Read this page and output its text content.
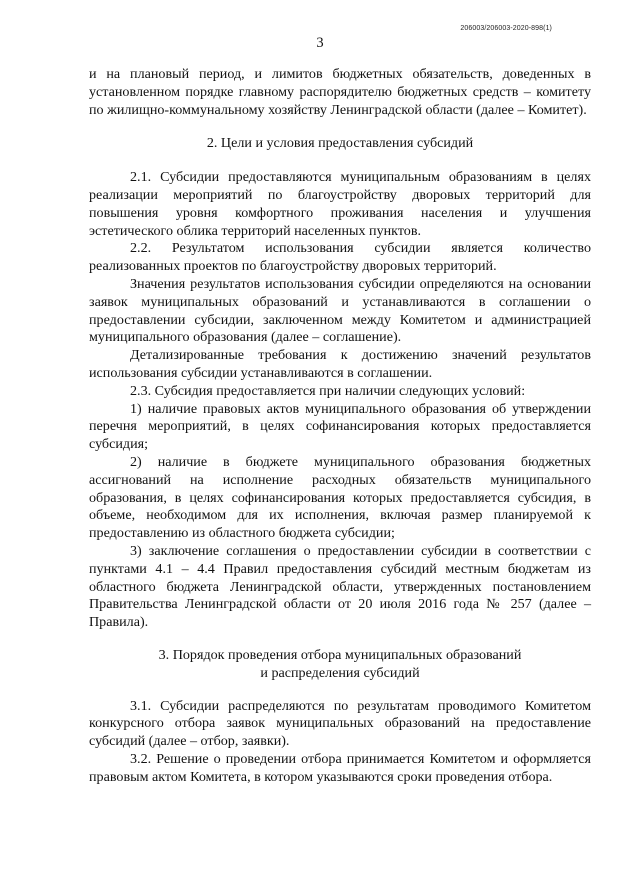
206003/206003-2020-898(1)
3

и на плановый период, и лимитов бюджетных обязательств, доведенных в установленном порядке главному распорядителю бюджетных средств – комитету по жилищно-коммунальному хозяйству Ленинградской области (далее – Комитет).

2. Цели и условия предоставления субсидий

2.1. Субсидии предоставляются муниципальным образованиям в целях реализации мероприятий по благоустройству дворовых территорий для повышения уровня комфортного проживания населения и улучшения эстетического облика территорий населенных пунктов.

2.2. Результатом использования субсидии является количество реализованных проектов по благоустройству дворовых территорий.

Значения результатов использования субсидии определяются на основании заявок муниципальных образований и устанавливаются в соглашении о предоставлении субсидии, заключенном между Комитетом и администрацией муниципального образования (далее – соглашение).

Детализированные требования к достижению значений результатов использования субсидии устанавливаются в соглашении.

2.3. Субсидия предоставляется при наличии следующих условий:

1) наличие правовых актов муниципального образования об утверждении перечня мероприятий, в целях софинансирования которых предоставляется субсидия;

2) наличие в бюджете муниципального образования бюджетных ассигнований на исполнение расходных обязательств муниципального образования, в целях софинансирования которых предоставляется субсидия, в объеме, необходимом для их исполнения, включая размер планируемой к предоставлению из областного бюджета субсидии;

3) заключение соглашения о предоставлении субсидии в соответствии с пунктами 4.1 – 4.4 Правил предоставления субсидий местным бюджетам из областного бюджета Ленинградской области, утвержденных постановлением Правительства Ленинградской области от 20 июля 2016 года № 257 (далее – Правила).

3. Порядок проведения отбора муниципальных образований

и распределения субсидий

3.1. Субсидии распределяются по результатам проводимого Комитетом конкурсного отбора заявок муниципальных образований на предоставление субсидий (далее – отбор, заявки).

3.2. Решение о проведении отбора принимается Комитетом и оформляется правовым актом Комитета, в котором указываются сроки проведения отбора.
